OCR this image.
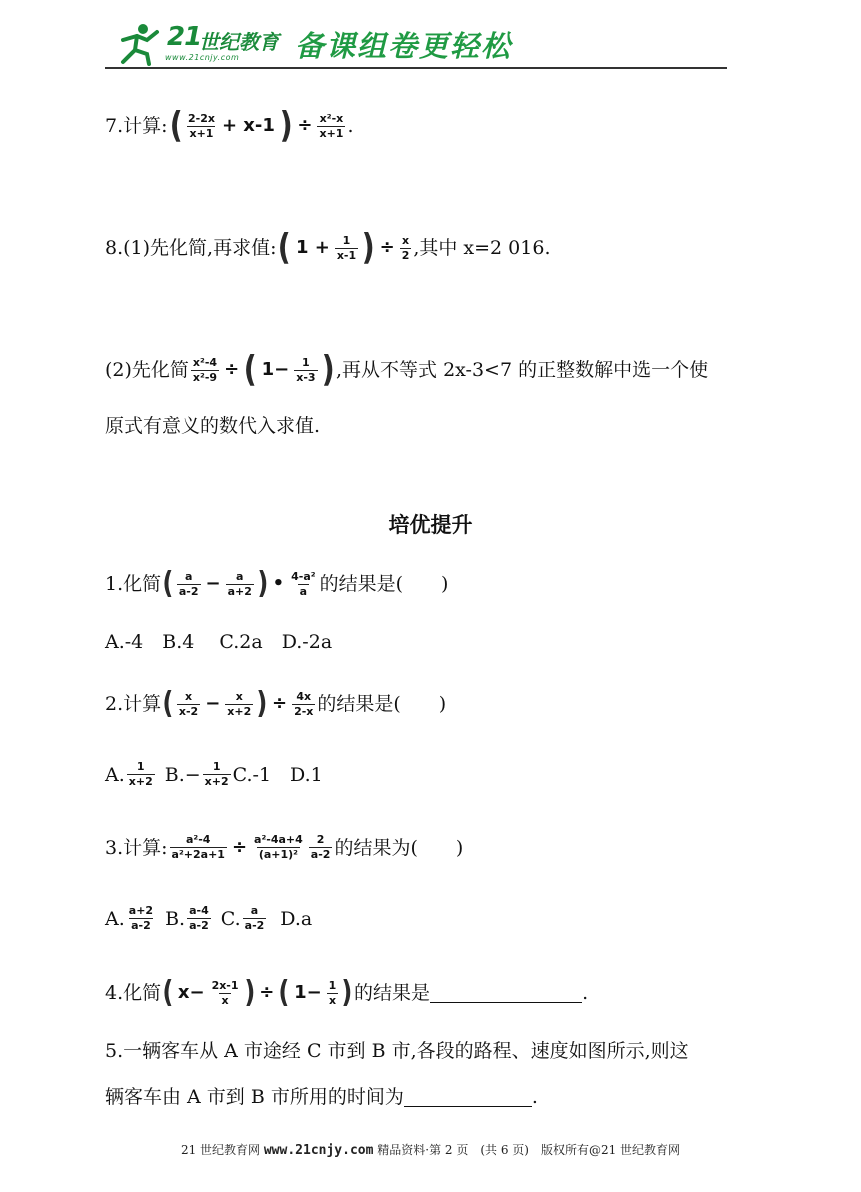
21
世纪教育
www.21cnjy.com 备课组卷更轻松
7.计算: ( $\frac{2-2x}{x+1} + x-1$ ) ÷ $\frac{\text{x²-x}}{x+1}$ .
8.(1)先化简,再求值: ( $1 + \frac{1}{x-1}$ ) ÷ $\frac{x}{2}$ ,其中 x=2 016.
(2)先化简 $\frac{\text{x²-4}}{\text{x²-9}}$ ÷ ( $1- \frac{1}{x-3}$ ) ,再从不等式 2x-3<7 的正整数解中选一个使
原式有意义的数代入求值.
培优提升
1.化简 ( $\frac{a}{a-2} - \frac{a}{a+2}$ ) • $\frac{\text{4-a²}}{a}$ 的结果是(　　)
A.-4　B.4　 C.2a　D.-2a
2.计算 ( $\frac{x}{x-2} - \frac{x}{x+2}$ ) ÷ $\frac{4x}{2-x}$ 的结果是(　　)
A. $\frac{1}{x+2} B.- \frac{1}{x+2} C.-1$　D.1
3.计算: $\frac{\text{a²-4}}{\text{a²+2a+1}} \div \frac{\text{a²-4a+4}}{\text{(a+1)²}} \frac{2}{a-2}$ 的结果为(　　)
A. $\frac{a+2}{a-2} B$. $\frac{a-4}{a-2} C$. $\frac{a}{a-2} D.a$
4.化简 ( $x- \frac{2x-1}{x}$ ) ÷ ( $1- \frac{1}{x}$ ) 的结果是	.
5.一辆客车从 A 市途经 C 市到 B 市,各段的路程、速度如图所示,则这
辆客车由 A 市到 B 市所用的时间为	.
21 世纪教育网 www.21cnjy.com 精品资料·第 2 页　(共 6 页)　版权所有@21 世纪教育网
